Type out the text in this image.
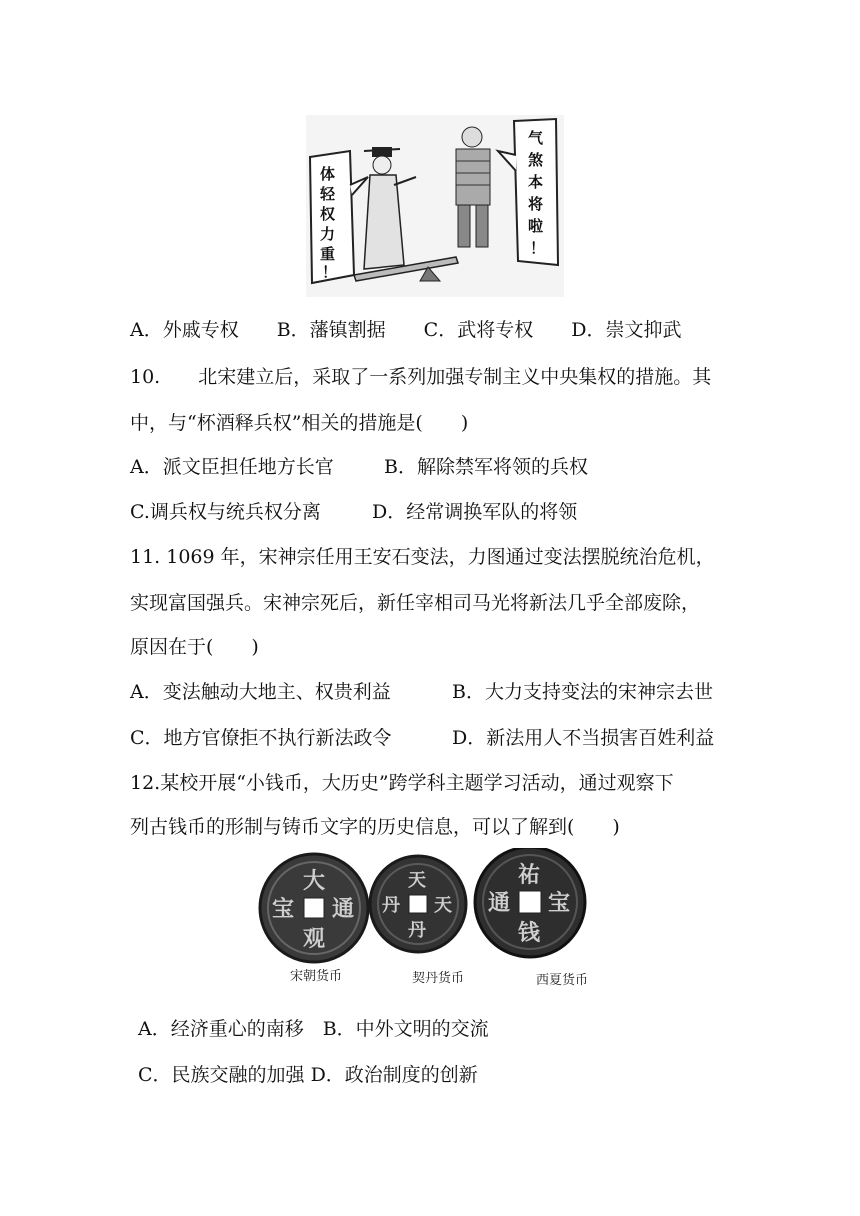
体
轻
权
力
重
！
气
煞
本
将
啦
！
A．外戚专权　　B．藩镇割据　　C．武将专权　　D．崇文抑武
10.　　北宋建立后，采取了一系列加强专制主义中央集权的措施。其
中，与“杯酒释兵权”相关的措施是(　　)
A．派文臣担任地方长官	B．解除禁军将领的兵权
C.调兵权与统兵权分离	D．经常调换军队的将领
11. 1069 年，宋神宗任用王安石变法，力图通过变法摆脱统治危机，
实现富国强兵。宋神宗死后，新任宰相司马光将新法几乎全部废除，
原因在于(　　)
A．变法触动大地主、权贵利益	B．大力支持变法的宋神宗去世
C．地方官僚拒不执行新法政令	D．新法用人不当损害百姓利益
12.某校开展“小钱币，大历史”跨学科主题学习活动，通过观察下
列古钱币的形制与铸币文字的历史信息，可以了解到(　　)
大
通
观
宝
天
天
丹
丹
祐
宝
钱
通
宋朝货币	契丹货币	西夏货币
A．经济重心的南移　B．中外文明的交流
C．民族交融的加强 D．政治制度的创新
